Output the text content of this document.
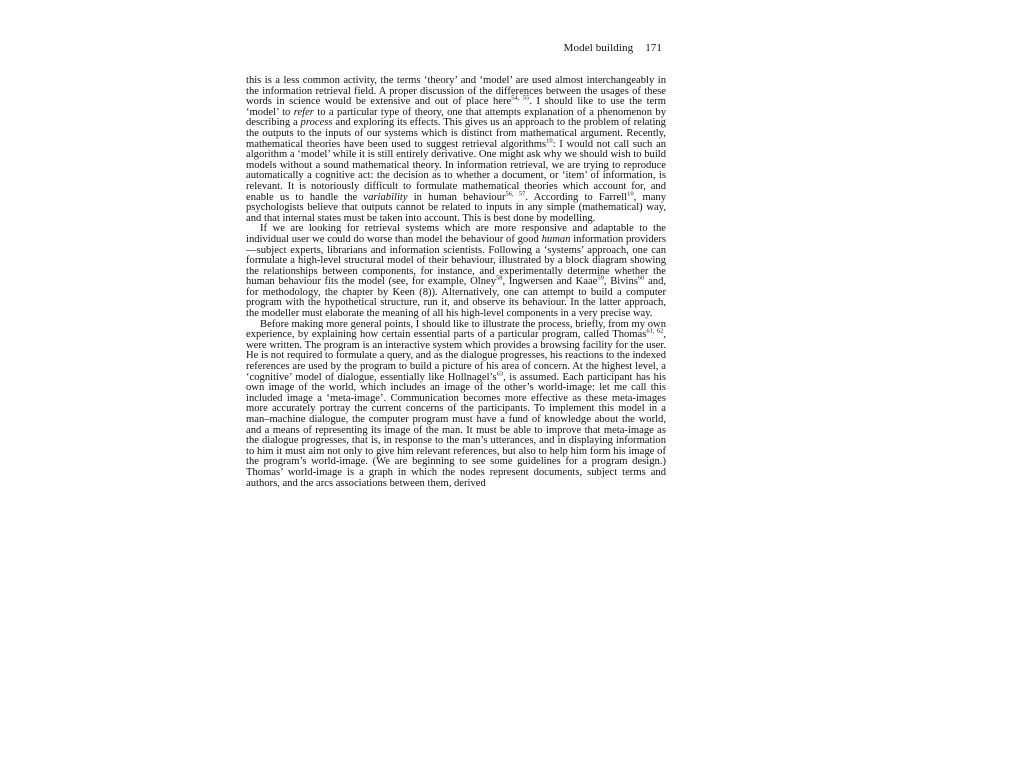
Model building 171

this is a less common activity, the terms ‘theory’ and ‘model’ are used almost interchangeably in the information retrieval field. A proper discussion of the differences between the usages of these words in science would be extensive and out of place here$^{54, 55}$. I should like to use the term ‘model’ to refer to a particular type of theory, one that attempts explanation of a phenomenon by describing a process and exploring its effects. This gives us an approach to the problem of relating the outputs to the inputs of our systems which is distinct from mathematical argument. Recently, mathematical theories have been used to suggest retrieval algorithms$^{10}$: I would not call such an algorithm a ‘model’ while it is still entirely derivative. One might ask why we should wish to build models without a sound mathematical theory. In information retrieval, we are trying to reproduce automatically a cognitive act: the decision as to whether a document, or ‘item’ of information, is relevant. It is notoriously difficult to formulate mathematical theories which account for, and enable us to handle the variability in human behaviour$^{56, 57}$. According to Farrell$^{10}$, many psychologists believe that outputs cannot be related to inputs in any simple (mathematical) way, and that internal states must be taken into account. This is best done by modelling.

If we are looking for retrieval systems which are more responsive and adaptable to the individual user we could do worse than model the behaviour of good human information providers—subject experts, librarians and information scientists. Following a ‘systems’ approach, one can formulate a high-level structural model of their behaviour, illustrated by a block diagram showing the relationships between components, for instance, and experimentally determine whether the human behaviour fits the model (see, for example, Olney$^{58}$, Ingwersen and Kaae$^{59}$, Bivins$^{60}$ and, for methodology, the chapter by Keen (8)). Alternatively, one can attempt to build a computer program with the hypothetical structure, run it, and observe its behaviour. In the latter approach, the modeller must elaborate the meaning of all his high-level components in a very precise way.

Before making more general points, I should like to illustrate the process, briefly, from my own experience, by explaining how certain essential parts of a particular program, called Thomas$^{61, 62}$, were written. The program is an interactive system which provides a browsing facility for the user. He is not required to formulate a query, and as the dialogue progresses, his reactions to the indexed references are used by the program to build a picture of his area of concern. At the highest level, a ‘cognitive’ model of dialogue, essentially like $Hollnagel’s^{63}$, is assumed. Each participant has his own image of the world, which includes an image of the other’s world-image: let me call this included image a ‘meta-image’. Communication becomes more effective as these meta-images more accurately portray the current concerns of the participants. To implement this model in a man–machine dialogue, the computer program must have a fund of knowledge about the world, and a means of representing its image of the man. It must be able to improve that meta-image as the dialogue progresses, that is, in response to the man’s utterances, and in displaying information to him it must aim not only to give him relevant references, but also to help him form his image of the program’s world-image. (We are beginning to see some guidelines for a program design.) Thomas’ world-image is a graph in which the nodes represent documents, subject terms and authors, and the arcs associations between them, derived
